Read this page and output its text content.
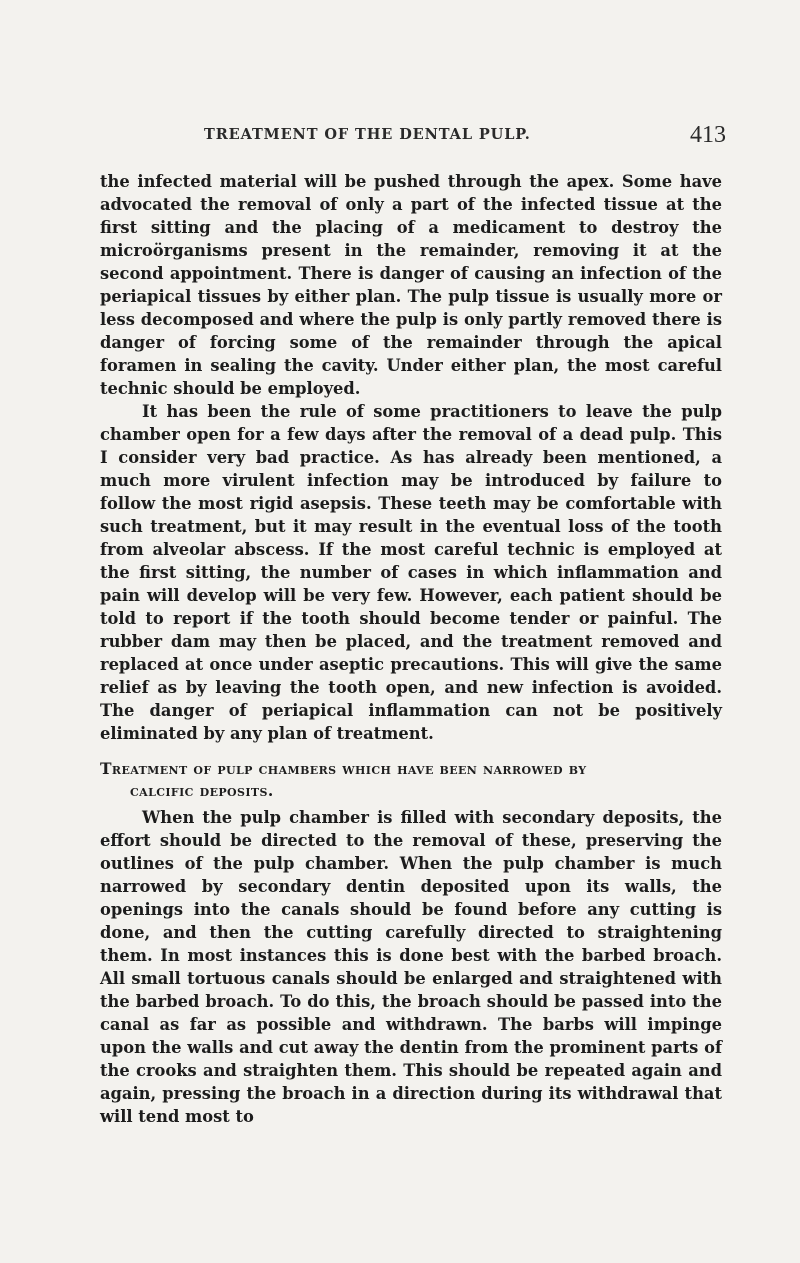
TREATMENT OF THE DENTAL PULP.	413

the infected material will be pushed through the apex. Some have advocated the removal of only a part of the infected tissue at the first sitting and the placing of a medicament to destroy the microörganisms present in the remainder, removing it at the second appointment. There is danger of causing an infection of the periapical tissues by either plan. The pulp tissue is usually more or less decomposed and where the pulp is only partly removed there is danger of forcing some of the remainder through the apical foramen in sealing the cavity. Under either plan, the most careful technic should be employed.

It has been the rule of some practitioners to leave the pulp chamber open for a few days after the removal of a dead pulp. This I consider very bad practice. As has already been mentioned, a much more virulent infection may be introduced by failure to follow the most rigid asepsis. These teeth may be comfortable with such treatment, but it may result in the eventual loss of the tooth from alveolar abscess. If the most careful technic is employed at the first sitting, the number of cases in which inflammation and pain will develop will be very few. However, each patient should be told to report if the tooth should become tender or painful. The rubber dam may then be placed, and the treatment removed and replaced at once under aseptic precautions. This will give the same relief as by leaving the tooth open, and new infection is avoided. The danger of periapical inflammation can not be positively eliminated by any plan of treatment.

Treatment of pulp chambers which have been narrowed by
calcific deposits.

When the pulp chamber is filled with secondary deposits, the effort should be directed to the removal of these, preserving the outlines of the pulp chamber. When the pulp chamber is much narrowed by secondary dentin deposited upon its walls, the openings into the canals should be found before any cutting is done, and then the cutting carefully directed to straightening them. In most instances this is done best with the barbed broach. All small tortuous canals should be enlarged and straightened with the barbed broach. To do this, the broach should be passed into the canal as far as possible and withdrawn. The barbs will impinge upon the walls and cut away the dentin from the prominent parts of the crooks and straighten them. This should be repeated again and again, pressing the broach in a direction during its withdrawal that will tend most to
